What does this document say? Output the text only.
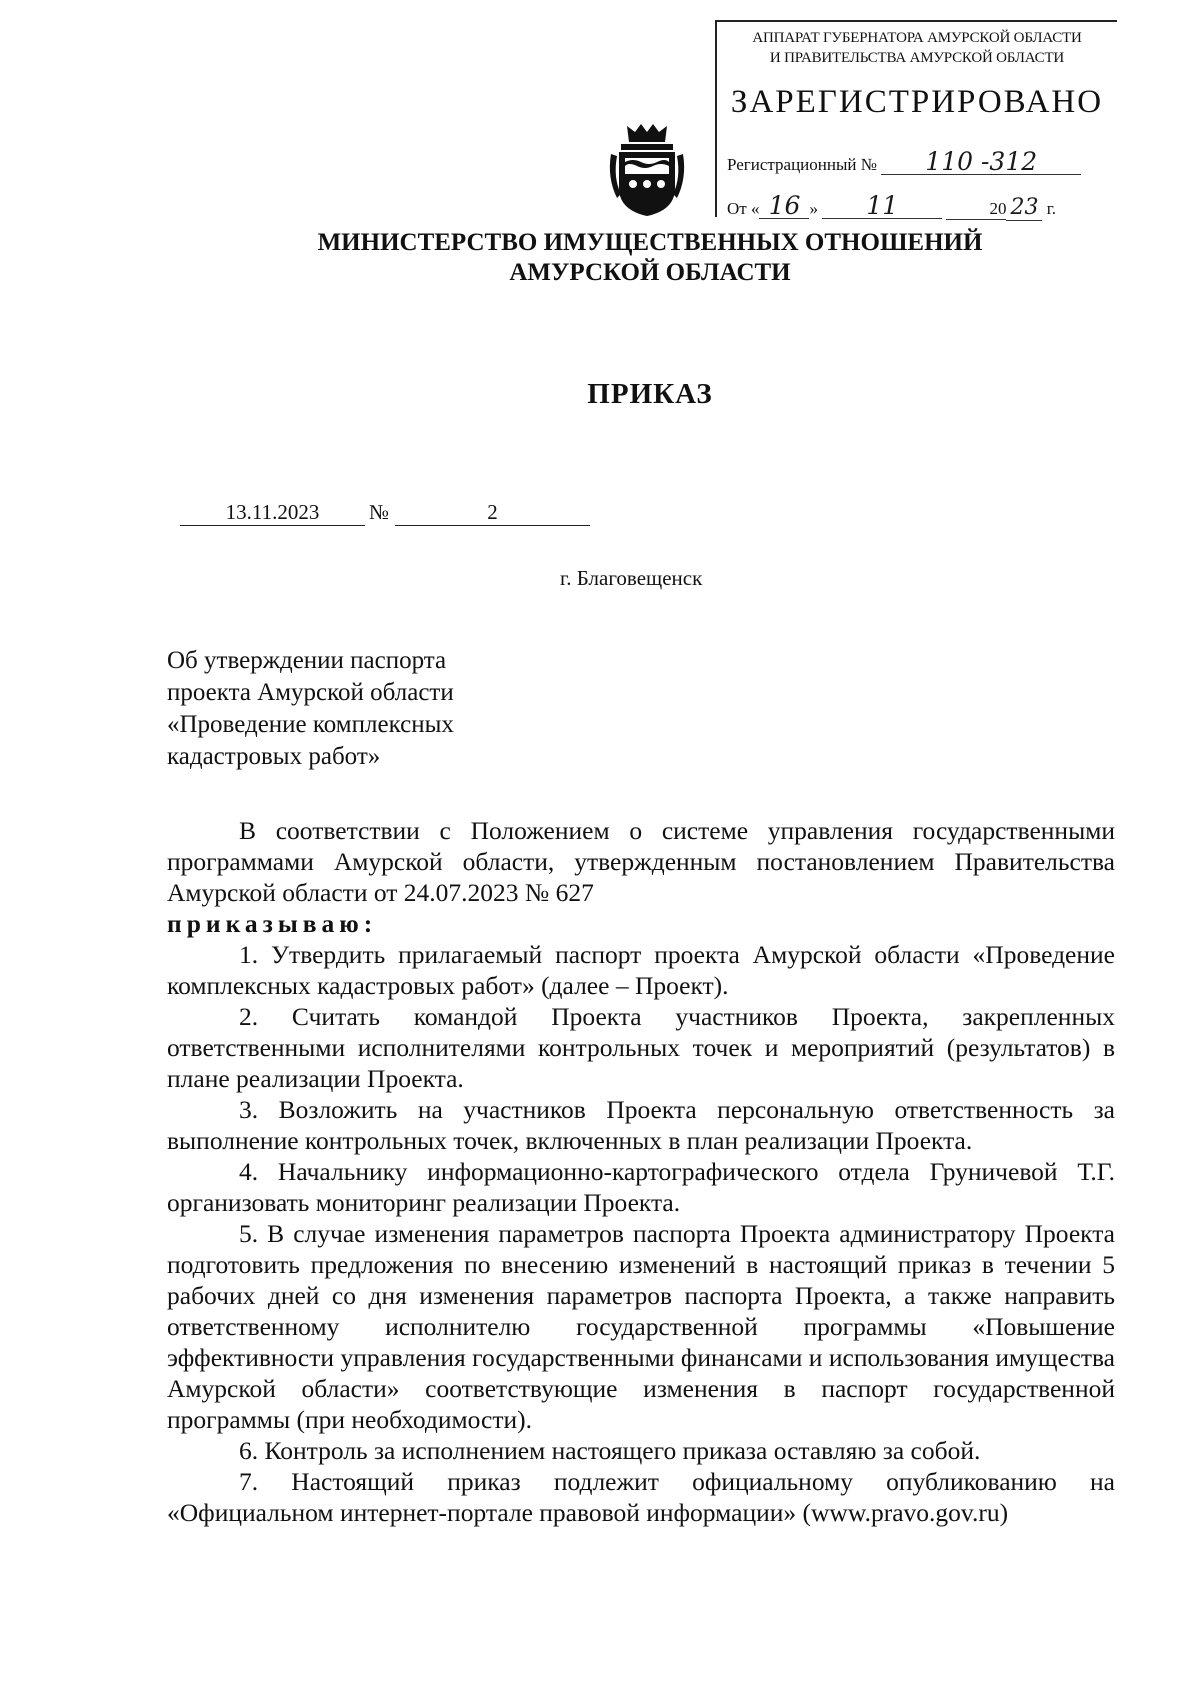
АППАРАТ ГУБЕРНАТОРА АМУРСКОЙ ОБЛАСТИ
И ПРАВИТЕЛЬСТВА АМУРСКОЙ ОБЛАСТИ
ЗАРЕГИСТРИРОВАНО
Регистрационный № 110 -312
От « 16 » 11	20 23 г.
МИНИСТЕРСТВО ИМУЩЕСТВЕННЫХ ОТНОШЕНИЙ
АМУРСКОЙ ОБЛАСТИ
ПРИКАЗ
13.11.2023 №	2
г. Благовещенск
Об утверждении паспорта
проекта Амурской области
«Проведение комплексных
кадастровых работ»

В соответствии с Положением о системе управления государственными программами Амурской области, утвержденным постановлением Правительства Амурской области от 24.07.2023 № 627

приказываю:

1. Утвердить прилагаемый паспорт проекта Амурской области «Проведение комплексных кадастровых работ» (далее – Проект).

2. Считать командой Проекта участников Проекта, закрепленных ответственными исполнителями контрольных точек и мероприятий (результатов) в плане реализации Проекта.

3. Возложить на участников Проекта персональную ответственность за выполнение контрольных точек, включенных в план реализации Проекта.

4. Начальнику информационно-картографического отдела Груничевой Т.Г. организовать мониторинг реализации Проекта.

5. В случае изменения параметров паспорта Проекта администратору Проекта подготовить предложения по внесению изменений в настоящий приказ в течении 5 рабочих дней со дня изменения параметров паспорта Проекта, а также направить ответственному исполнителю государственной программы «Повышение эффективности управления государственными финансами и использования имущества Амурской области» соответствующие изменения в паспорт государственной программы (при необходимости).

6. Контроль за исполнением настоящего приказа оставляю за собой.

7. Настоящий приказ подлежит официальному опубликованию на «Официальном интернет-портале правовой информации» (www.pravo.gov.ru)
